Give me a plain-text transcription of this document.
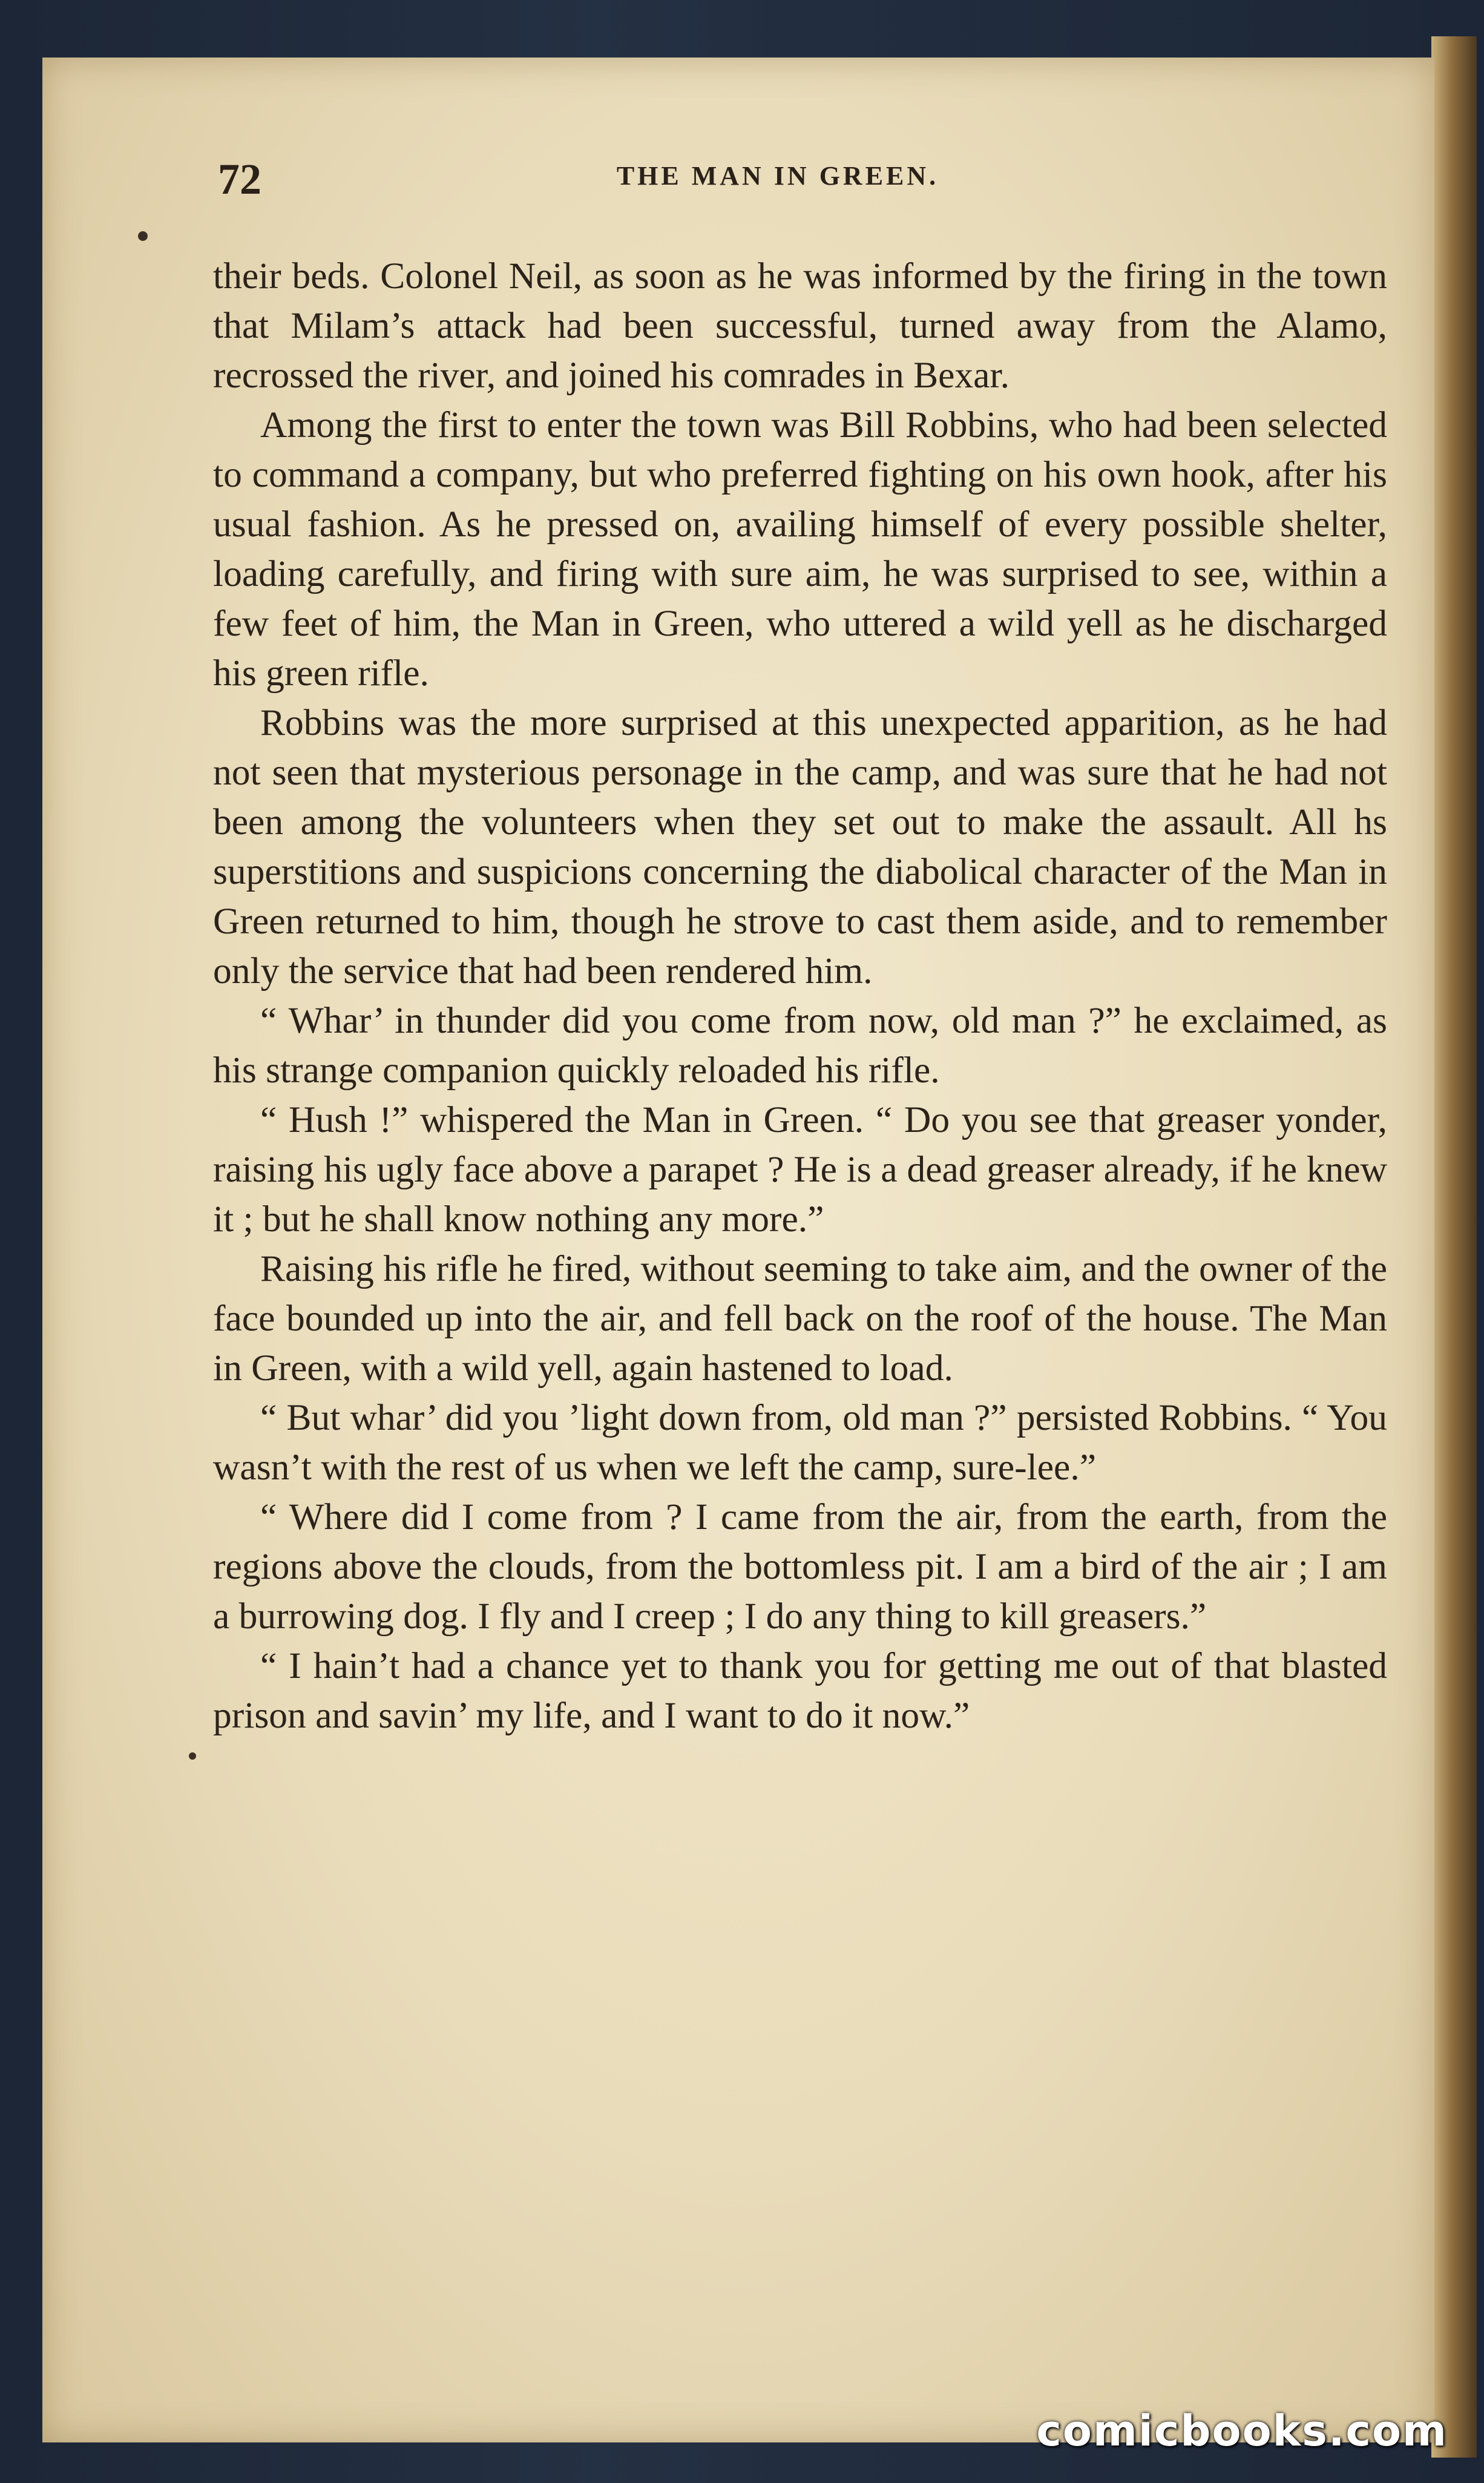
72	THE MAN IN GREEN.

their beds. Colonel Neil, as soon as he was informed by the firing in the town that Milam’s attack had been successful, turned away from the Alamo, recrossed the river, and joined his comrades in Bexar.

Among the first to enter the town was Bill Robbins, who had been selected to command a company, but who preferred fighting on his own hook, after his usual fashion. As he pressed on, availing himself of every possible shelter, loading carefully, and firing with sure aim, he was surprised to see, within a few feet of him, the Man in Green, who uttered a wild yell as he discharged his green rifle.

Robbins was the more surprised at this unexpected apparition, as he had not seen that mysterious personage in the camp, and was sure that he had not been among the volunteers when they set out to make the assault. All hs superstitions and suspicions concerning the diabolical character of the Man in Green returned to him, though he strove to cast them aside, and to remember only the service that had been rendered him.

“ Whar’ in thunder did you come from now, old man ?” he exclaimed, as his strange companion quickly reloaded his rifle.

“ Hush !” whispered the Man in Green. “ Do you see that greaser yonder, raising his ugly face above a parapet ? He is a dead greaser already, if he knew it ; but he shall know nothing any more.”

Raising his rifle he fired, without seeming to take aim, and the owner of the face bounded up into the air, and fell back on the roof of the house. The Man in Green, with a wild yell, again hastened to load.

“ But whar’ did you ’light down from, old man ?” persisted Robbins. “ You wasn’t with the rest of us when we left the camp, sure-lee.”

“ Where did I come from ? I came from the air, from the earth, from the regions above the clouds, from the bottomless pit. I am a bird of the air ; I am a burrowing dog. I fly and I creep ; I do any thing to kill greasers.”

“ I hain’t had a chance yet to thank you for getting me out of that blasted prison and savin’ my life, and I want to do it now.”

comicbooks.com
